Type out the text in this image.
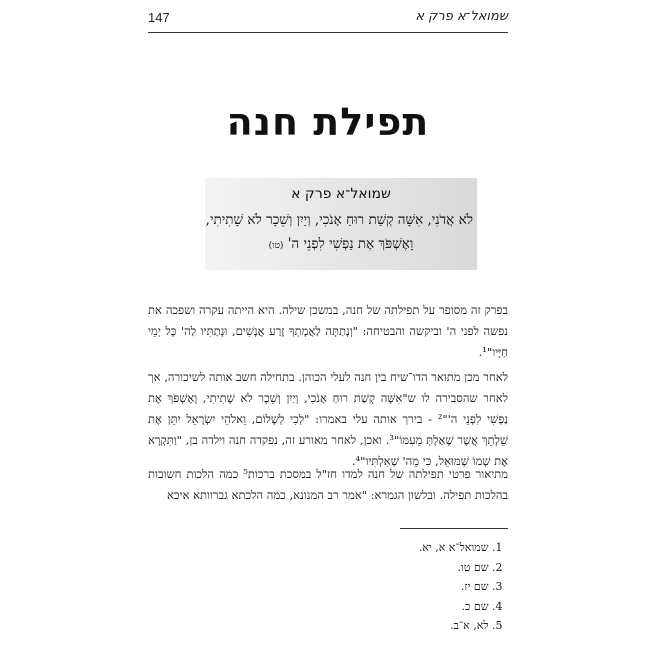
147	שמואל־א פרק א
תפילת חנה
שמואל־א פרק א
לֹא אֲדֹנִי, אִשָּׁה קְשַׁת רוּחַ אָנֹכִי, וְיַיִן וְשֵׁכָר לֹא שָׁתִיתִי,
וָאֶשְׁפֹּךְ אֶת נַפְשִׁי לִפְנֵי ה' (טו)

בפרק זה מסופר על תפילתה של חנה, במשכן שילה. היא הייתה עקרה ושפכה את נפשה לפני ה' וביקשה והבטיחה: "וְנָתַתָּה לַאֲמָתְךָ זֶרַע אֲנָשִׁים, וּנְתַתִּיו לַה' כָּל יְמֵי חַיָּיו"¹.

לאחר מכן מתואר הדו־שיח בין חנה לעלי הכוהן. בתחילה חשב אותה לשיכורה, אך לאחר שהסבירה לו ש"אִשָּׁה קְשַׁת רוּחַ אָנֹכִי, וְיַיִן וְשֵׁכָר לֹא שָׁתִיתִי, וָאֶשְׁפֹּךְ אֶת נַפְשִׁי לִפְנֵי ה'"² - בירך אותה עלי באמרו: "לְכִי לְשָׁלוֹם, וֵאלֹהֵי יִשְׂרָאֵל יִתֵּן אֶת שֵׁלָתֵךְ אֲשֶׁר שָׁאַלְתְּ מֵעִמּוֹ"³. ואכן, לאחר מאורע זה, נפקדה חנה וילדה בן, "וַתִּקְרָא אֶת שְׁמוֹ שְׁמוּאֵל, כִּי מֵה' שְׁאִלְתִּיו"⁴.

מתיאור פרטי תפילתה של חנה למדו חז"ל במסכת ברכות⁵ כמה הלכות חשובות בהלכות תפילה. ובלשון הגמרא: "אמר רב המנונא, כמה הלכתא גברוותא איכא

1. שמואל־א א, יא.
2. שם טו.
3. שם יז.
4. שם כ.
5. לא, א־ב.
